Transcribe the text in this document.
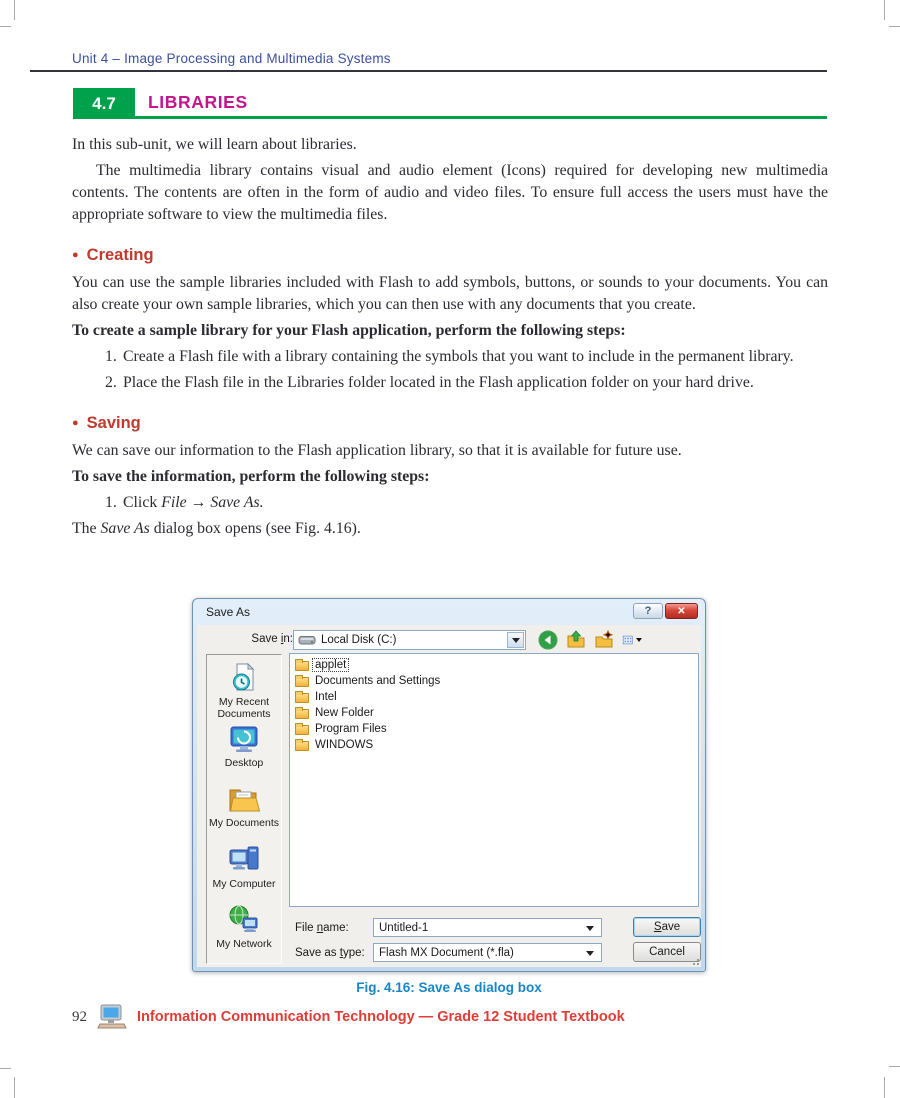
Unit 4 – Image Processing and Multimedia Systems
4.7	LIBRARIES

In this sub-unit, we will learn about libraries.

The multimedia library contains visual and audio element (Icons) required for developing new multimedia contents. The contents are often in the form of audio and video files. To ensure full access the users must have the appropriate software to view the multimedia files.

● Creating

You can use the sample libraries included with Flash to add symbols, buttons, or sounds to your documents. You can also create your own sample libraries, which you can then use with any documents that you create.

To create a sample library for your Flash application, perform the following steps:

1. Create a Flash file with a library containing the symbols that you want to include in the permanent library.
2. Place the Flash file in the Libraries folder located in the Flash application folder on your hard drive.
● Saving

We can save our information to the Flash application library, so that it is available for future use.

To save the information, perform the following steps:

1. Click File → Save As.

The Save As dialog box opens (see Fig. 4.16).

Save As	?	✕
Save in:	Local Disk (C:)
My Recent Documents
Desktop
My Documents
My Computer
My Network
applet
Documents and Settings
Intel
New Folder
Program Files
WINDOWS
File name:	Untitled-1	Save
Save as type:	Flash MX Document (*.fla)	Cancel
Fig. 4.16: Save As dialog box
92	Information Communication Technology — Grade 12 Student Textbook
